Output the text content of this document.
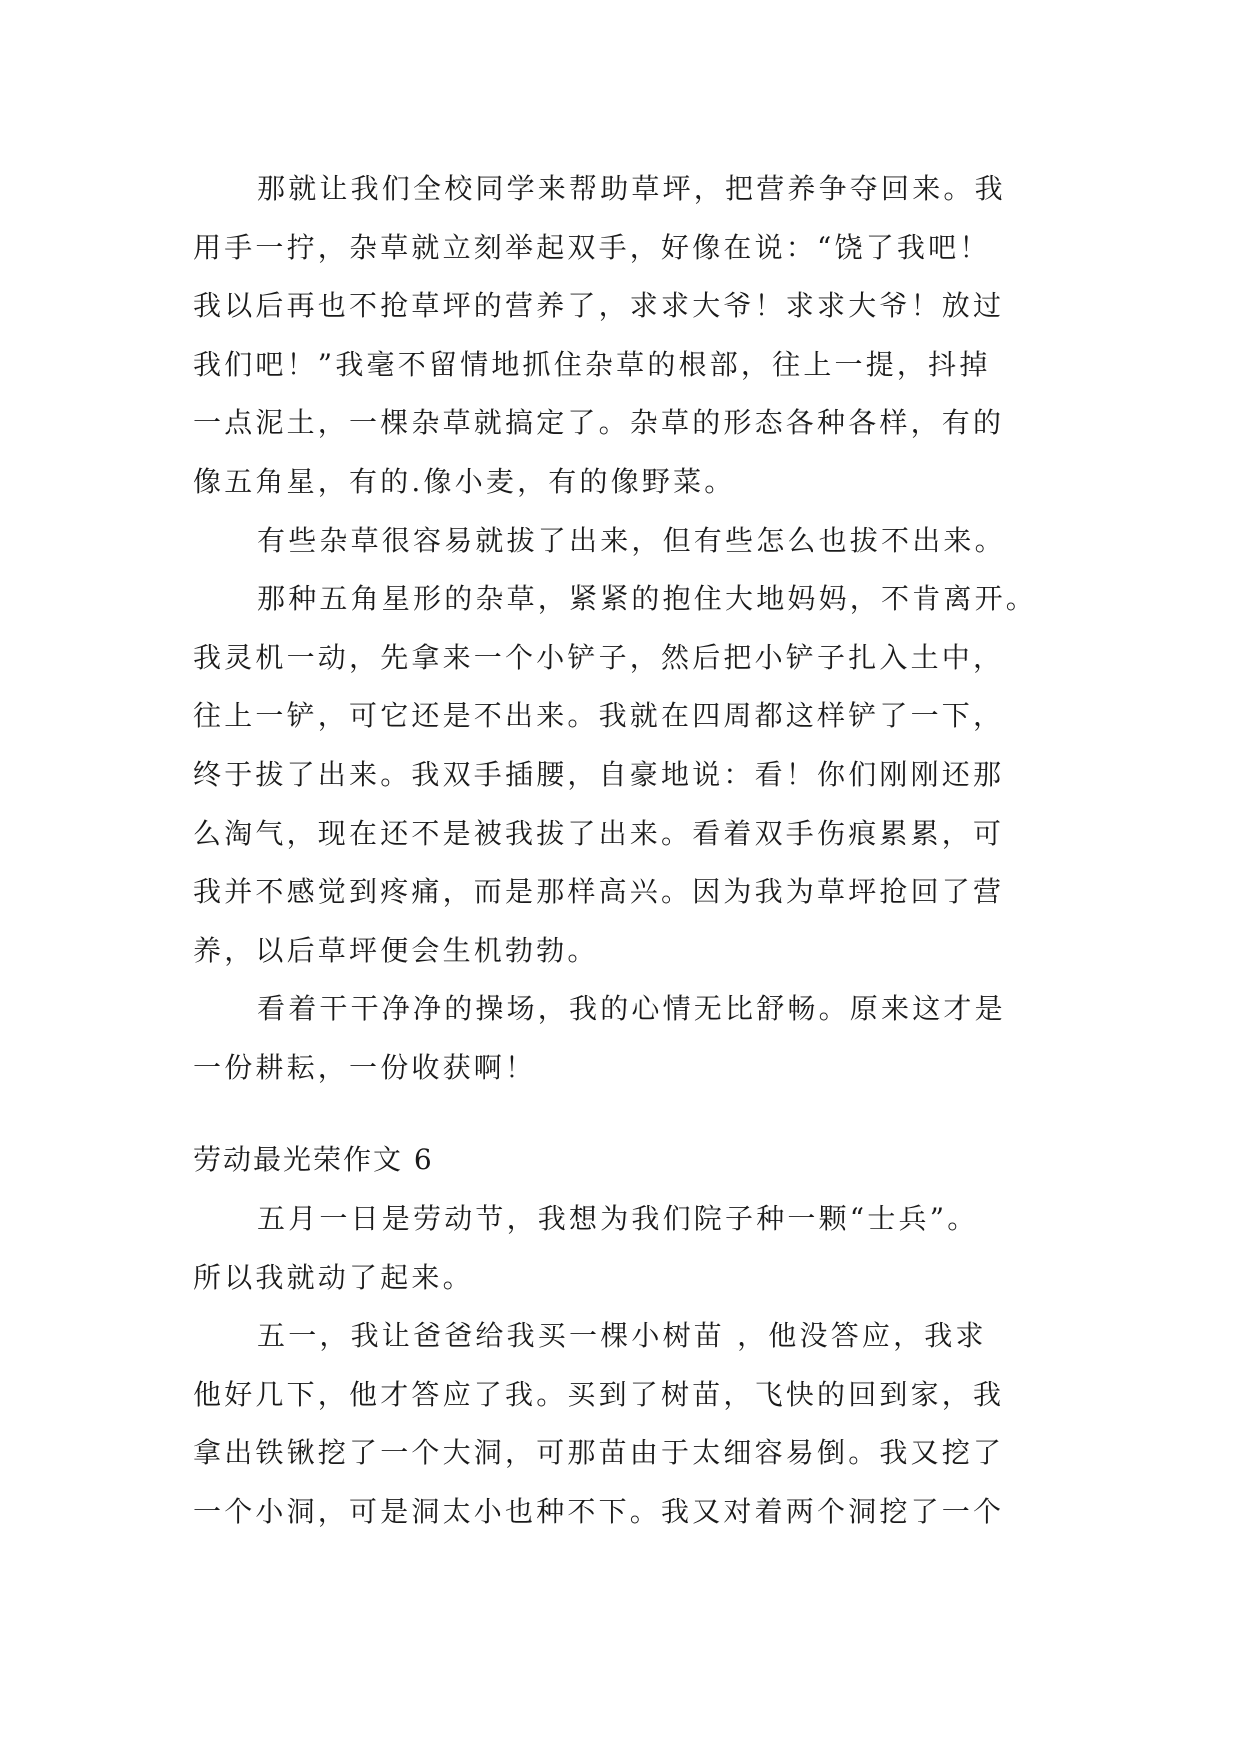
那就让我们全校同学来帮助草坪，把营养争夺回来。我
用手一拧，杂草就立刻举起双手，好像在说：“饶了我吧！
我以后再也不抢草坪的营养了，求求大爷！求求大爷！放过
我们吧！”我毫不留情地抓住杂草的根部，往上一提，抖掉
一点泥土，一棵杂草就搞定了。杂草的形态各种各样，有的
像五角星，有的.像小麦，有的像野菜。
有些杂草很容易就拔了出来，但有些怎么也拔不出来。
那种五角星形的杂草，紧紧的抱住大地妈妈，不肯离开。
我灵机一动，先拿来一个小铲子，然后把小铲子扎入土中，
往上一铲，可它还是不出来。我就在四周都这样铲了一下，
终于拔了出来。我双手插腰，自豪地说：看！你们刚刚还那
么淘气，现在还不是被我拔了出来。看着双手伤痕累累，可
我并不感觉到疼痛，而是那样高兴。因为我为草坪抢回了营
养，以后草坪便会生机勃勃。
看着干干净净的操场，我的心情无比舒畅。原来这才是
一份耕耘，一份收获啊！
劳动最光荣作文 6
五月一日是劳动节，我想为我们院子种一颗“士兵”。
所以我就动了起来。
五一，我让爸爸给我买一棵小树苗 ，他没答应，我求
他好几下，他才答应了我。买到了树苗，飞快的回到家，我
拿出铁锹挖了一个大洞，可那苗由于太细容易倒。我又挖了
一个小洞，可是洞太小也种不下。我又对着两个洞挖了一个
